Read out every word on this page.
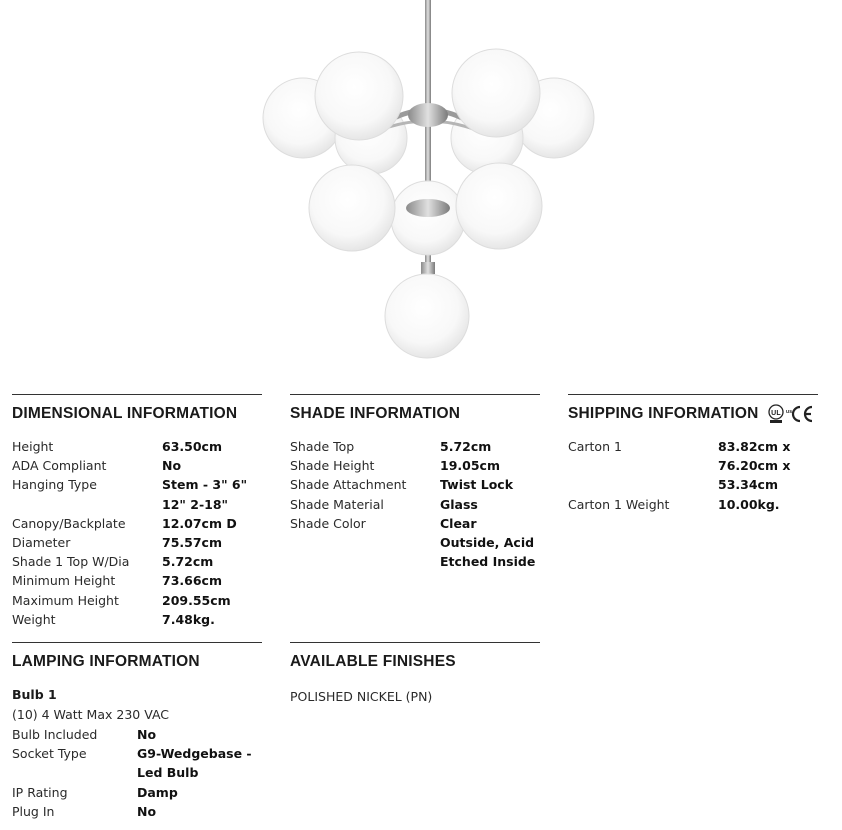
DIMENSIONAL INFORMATION
Height	63.50cm
ADA Compliant	No
Hanging Type	Stem - 3" 6" 12" 2-18"
Canopy/Backplate	12.07cm D
Diameter	75.57cm
Shade 1 Top W/Dia	5.72cm
Minimum Height	73.66cm
Maximum Height	209.55cm
Weight	7.48kg.
SHADE INFORMATION
Shade Top	5.72cm
Shade Height	19.05cm
Shade Attachment	Twist Lock
Shade Material	Glass
Shade Color	Clear Outside, Acid Etched Inside
SHIPPING INFORMATION UL us
Carton 1	83.82cm x 76.20cm x 53.34cm
Carton 1 Weight	10.00kg.
LAMPING INFORMATION
Bulb 1
(10) 4 Watt Max 230 VAC
Bulb Included	No
Socket Type	G9-Wedgebase - Led Bulb
IP Rating	Damp
Plug In	No
AVAILABLE FINISHES
POLISHED NICKEL (PN)
